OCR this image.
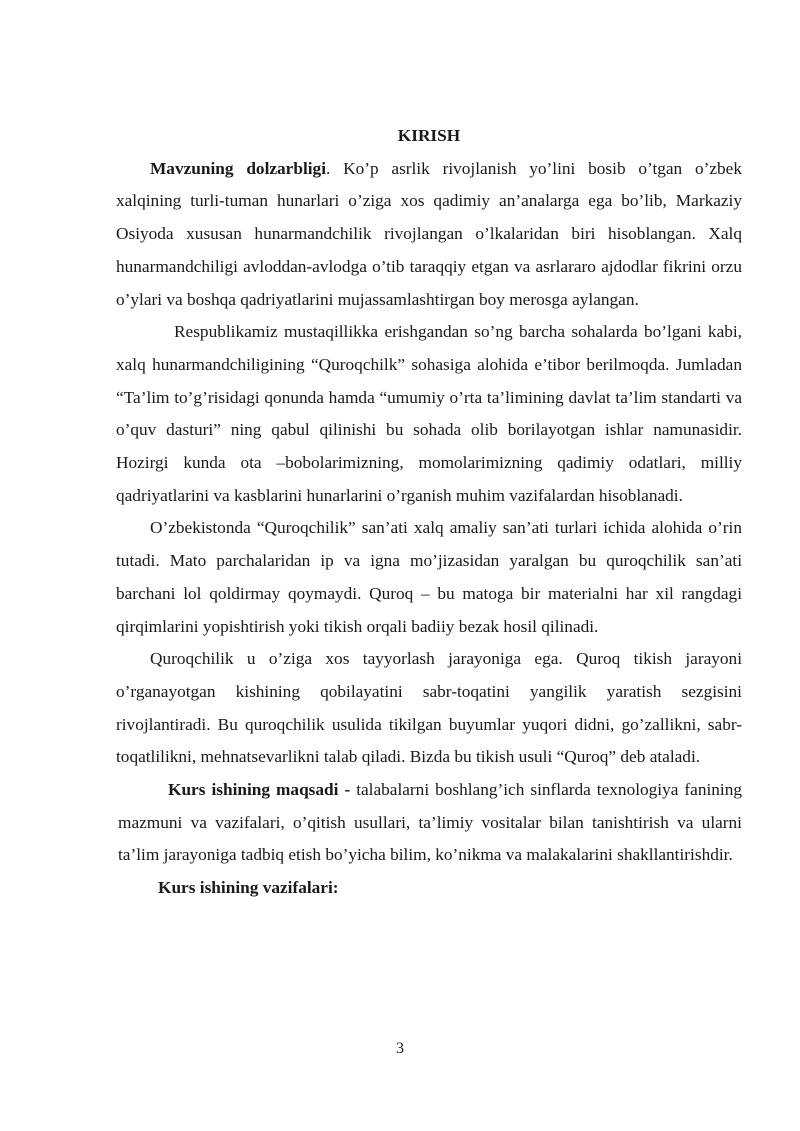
KIRISH

Mavzuning dolzarbligi. Ko’p asrlik rivojlanish yo’lini bosib o’tgan o’zbek xalqining turli-tuman hunarlari o’ziga xos qadimiy an’analarga ega bo’lib, Markaziy Osiyoda xususan hunarmandchilik rivojlangan o’lkalaridan biri hisoblangan. Xalq hunarmandchiligi avloddan-avlodga o’tib taraqqiy etgan va asrlararo ajdodlar fikrini orzu o’ylari va boshqa qadriyatlarini mujassamlashtirgan boy merosga aylangan.

Respublikamiz mustaqillikka erishgandan so’ng barcha sohalarda bo’lgani kabi, xalq hunarmandchiligining “Quroqchilk” sohasiga alohida e’tibor berilmoqda. Jumladan “Ta’lim to’g’risidagi qonunda hamda “umumiy o’rta ta’limining davlat ta’lim standarti va o’quv dasturi” ning qabul qilinishi bu sohada olib borilayotgan ishlar namunasidir. Hozirgi kunda ota –bobolarimizning, momolarimizning qadimiy odatlari, milliy qadriyatlarini va kasblarini hunarlarini o’rganish muhim vazifalardan hisoblanadi.

O’zbekistonda “Quroqchilik” san’ati xalq amaliy san’ati turlari ichida alohida o’rin tutadi. Mato parchalaridan ip va igna mo’jizasidan yaralgan bu quroqchilik san’ati barchani lol qoldirmay qoymaydi. Quroq – bu matoga bir materialni har xil rangdagi qirqimlarini yopishtirish yoki tikish orqali badiiy bezak hosil qilinadi.

Quroqchilik u o’ziga xos tayyorlash jarayoniga ega. Quroq tikish jarayoni o’rganayotgan kishining qobilayatini sabr-toqatini yangilik yaratish sezgisini rivojlantiradi. Bu quroqchilik usulida tikilgan buyumlar yuqori didni, go’zallikni, sabr-toqatlilikni, mehnatsevarlikni talab qiladi. Bizda bu tikish usuli “Quroq” deb ataladi.

Kurs ishining maqsadi - talabalarni boshlang’ich sinflarda texnologiya fanining mazmuni va vazifalari, o’qitish usullari, ta’limiy vositalar bilan tanishtirish va ularni ta’lim jarayoniga tadbiq etish bo’yicha bilim, ko’nikma va malakalarini shakllantirishdir.

Kurs ishining vazifalari:

3
